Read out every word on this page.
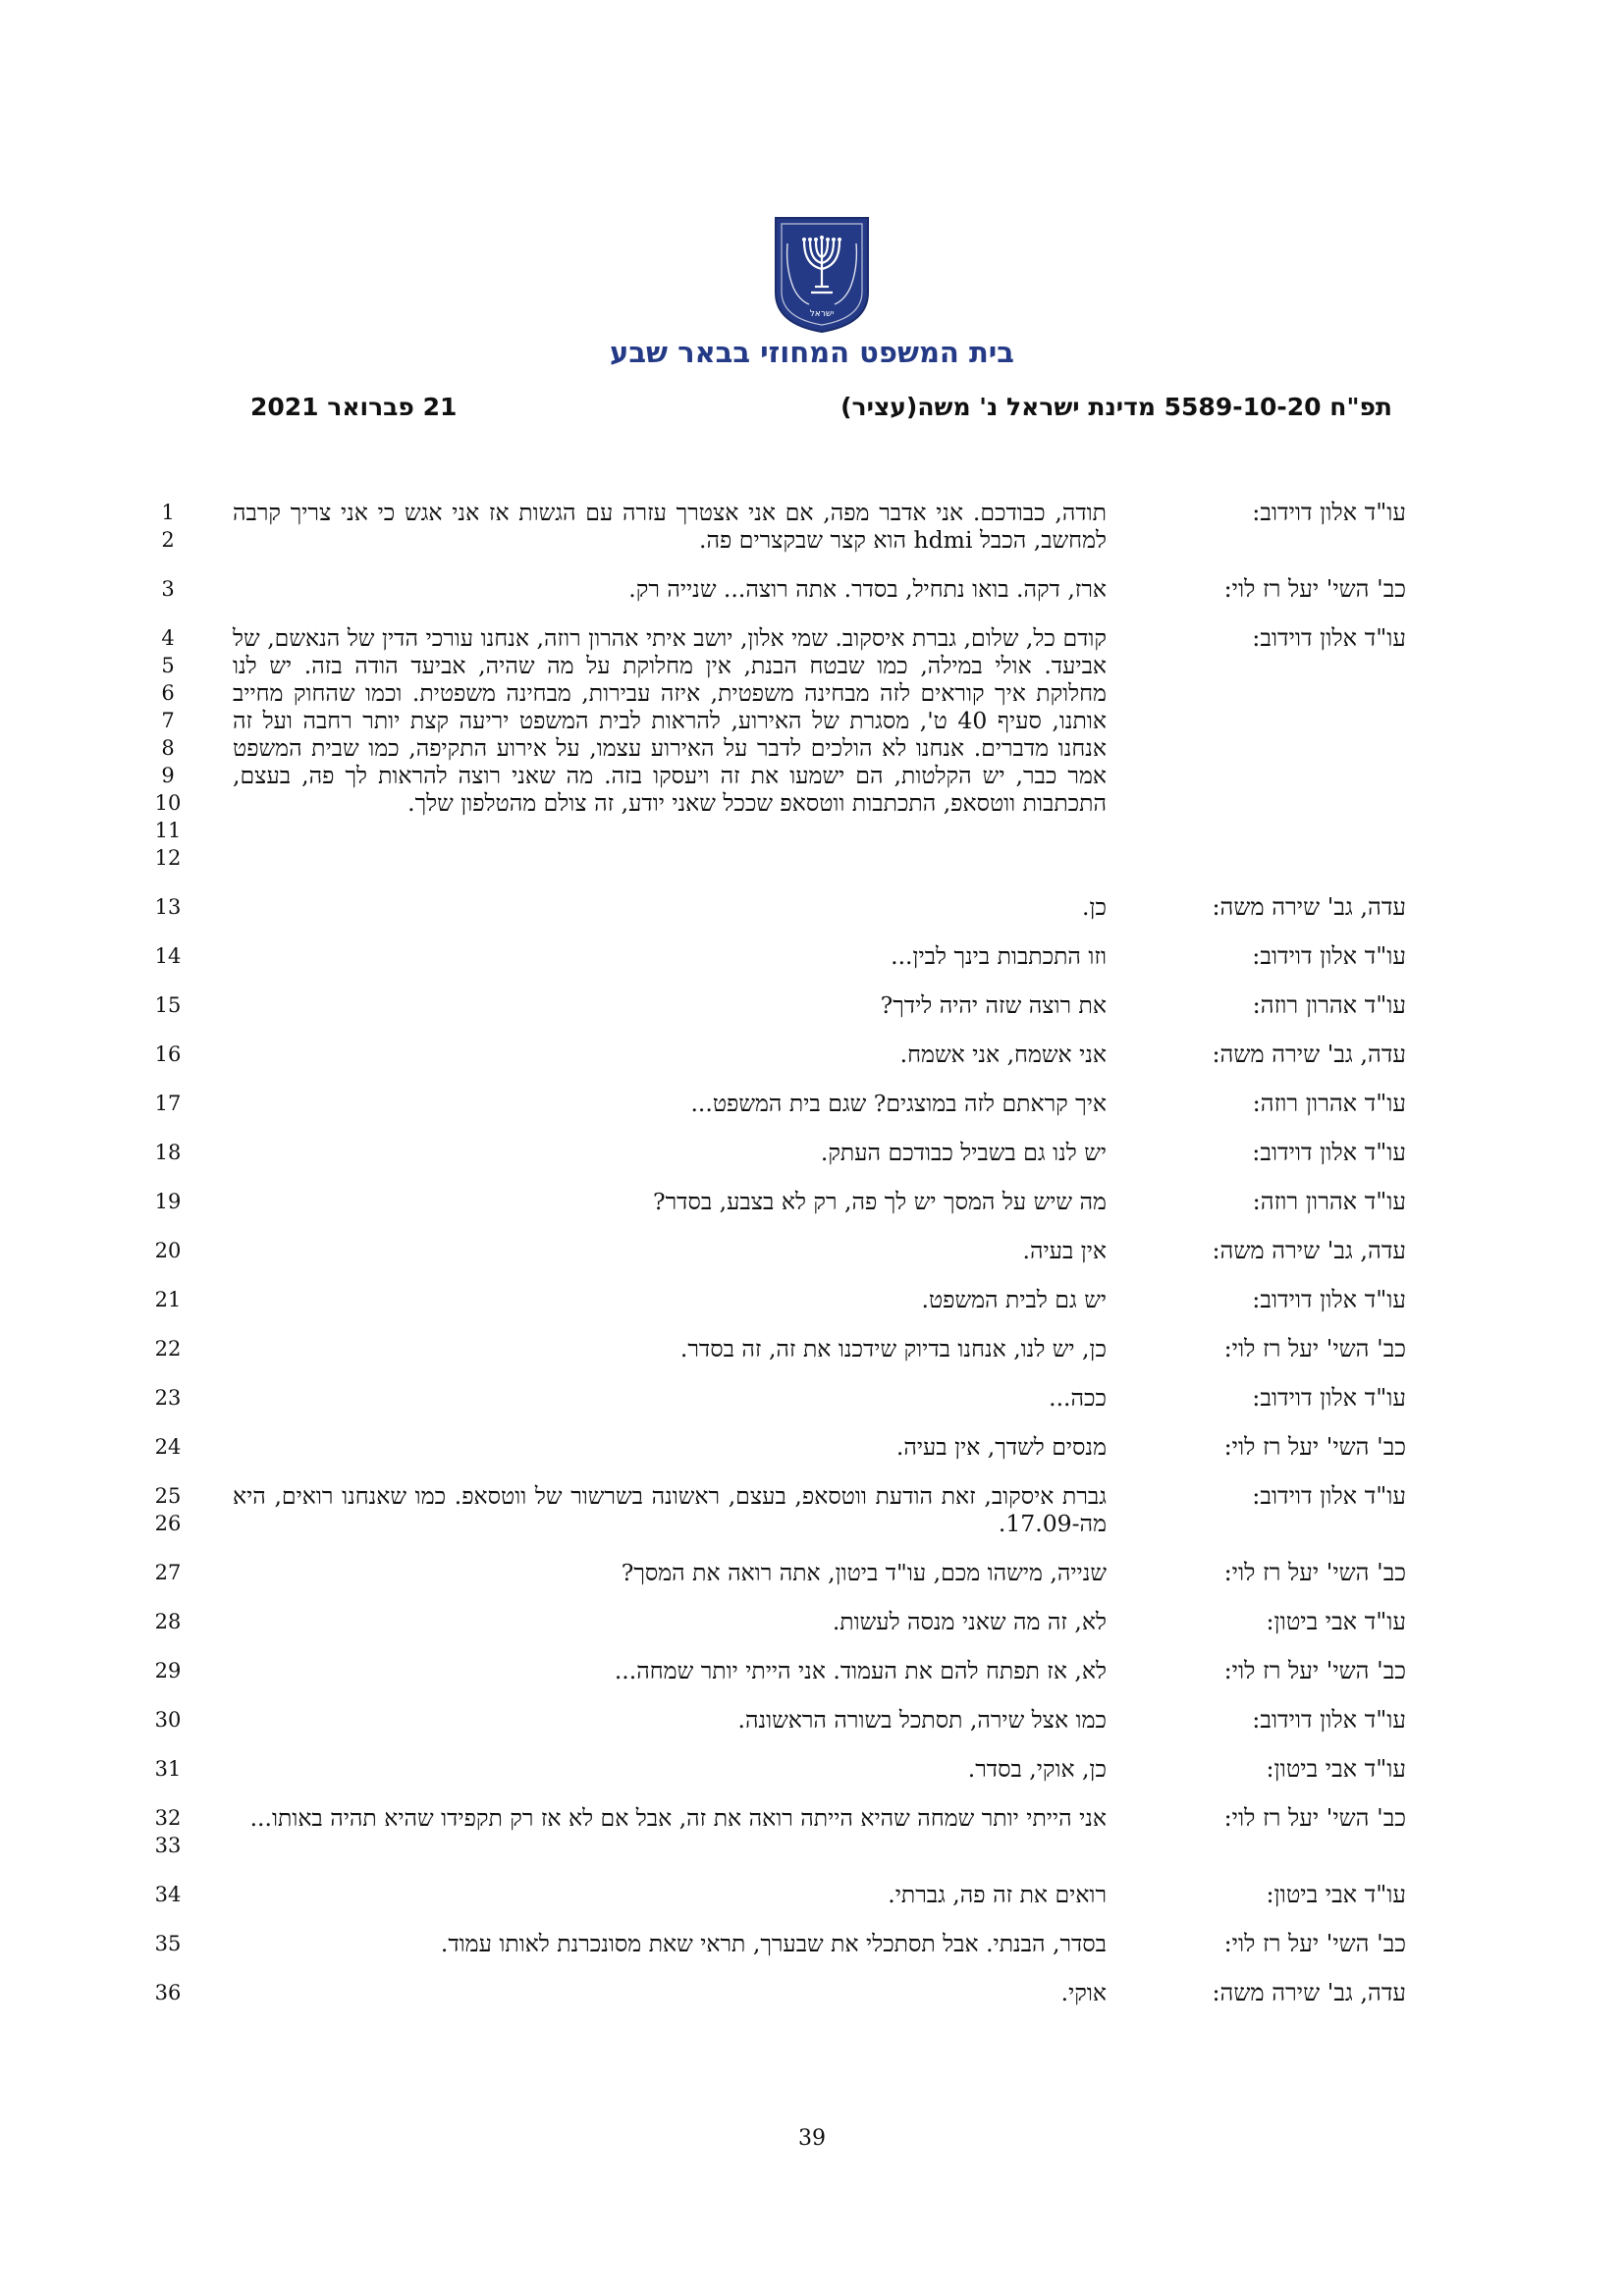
ישראל
בית המשפט המחוזי בבאר שבע
תפ"ח 5589-10-20 מדינת ישראל נ' משה(עציר)
21 פברואר 2021
עו"ד אלון דוידוב:
תודה, כבודכם. אני אדבר מפה, אם אני אצטרך עזרה עם הגשות אז אני אגש כי אני צריך קרבה למחשב, הכבל hdmi הוא קצר שבקצרים פה.
1
2
כב' השי' יעל רז לוי:
ארז, דקה. בואו נתחיל, בסדר. אתה רוצה... שנייה רק.
3
עו"ד אלון דוידוב:
קודם כל, שלום, גברת איסקוב. שמי אלון, יושב איתי אהרון רוזה, אנחנו עורכי הדין של הנאשם, של אביעד. אולי במילה, כמו שבטח הבנת, אין מחלוקת על מה שהיה, אביעד הודה בזה. יש לנו מחלוקת איך קוראים לזה מבחינה משפטית, איזה עבירות, מבחינה משפטית. וכמו שהחוק מחייב אותנו, סעיף 40 ט', מסגרת של האירוע, להראות לבית המשפט יריעה קצת יותר רחבה ועל זה אנחנו מדברים. אנחנו לא הולכים לדבר על האירוע עצמו, על אירוע התקיפה, כמו שבית המשפט אמר כבר, יש הקלטות, הם ישמעו את זה ויעסקו בזה. מה שאני רוצה להראות לך פה, בעצם, התכתבות ווטסאפ, התכתבות ווטסאפ שככל שאני יודע, זה צולם מהטלפון שלך.
4
5
6
7
8
9
10
11
12
עדה, גב' שירה משה:
כן.
13
עו"ד אלון דוידוב:
וזו התכתבות בינך לבין...
14
עו"ד אהרון רוזה:
את רוצה שזה יהיה לידך?
15
עדה, גב' שירה משה:
אני אשמח, אני אשמח.
16
עו"ד אהרון רוזה:
איך קראתם לזה במוצגים? שגם בית המשפט...
17
עו"ד אלון דוידוב:
יש לנו גם בשביל כבודכם העתק.
18
עו"ד אהרון רוזה:
מה שיש על המסך יש לך פה, רק לא בצבע, בסדר?
19
עדה, גב' שירה משה:
אין בעיה.
20
עו"ד אלון דוידוב:
יש גם לבית המשפט.
21
כב' השי' יעל רז לוי:
כן, יש לנו, אנחנו בדיוק שידכנו את זה, זה בסדר.
22
עו"ד אלון דוידוב:
ככה...
23
כב' השי' יעל רז לוי:
מנסים לשדך, אין בעיה.
24
עו"ד אלון דוידוב:
גברת איסקוב, זאת הודעת ווטסאפ, בעצם, ראשונה בשרשור של ווטסאפ. כמו שאנחנו רואים, היא מה-17.09.
25
26
כב' השי' יעל רז לוי:
שנייה, מישהו מכם, עו"ד ביטון, אתה רואה את המסך?
27
עו"ד אבי ביטון:
לא, זה מה שאני מנסה לעשות.
28
כב' השי' יעל רז לוי:
לא, אז תפתח להם את העמוד. אני הייתי יותר שמחה...
29
עו"ד אלון דוידוב:
כמו אצל שירה, תסתכל בשורה הראשונה.
30
עו"ד אבי ביטון:
כן, אוקי, בסדר.
31
כב' השי' יעל רז לוי:
אני הייתי יותר שמחה שהיא הייתה רואה את זה, אבל אם לא אז רק תקפידו שהיא תהיה באותו...
32
33
עו"ד אבי ביטון:
רואים את זה פה, גברתי.
34
כב' השי' יעל רז לוי:
בסדר, הבנתי. אבל תסתכלי את שבערך, תראי שאת מסונכרנת לאותו עמוד.
35
עדה, גב' שירה משה:
אוקי.
36
39
